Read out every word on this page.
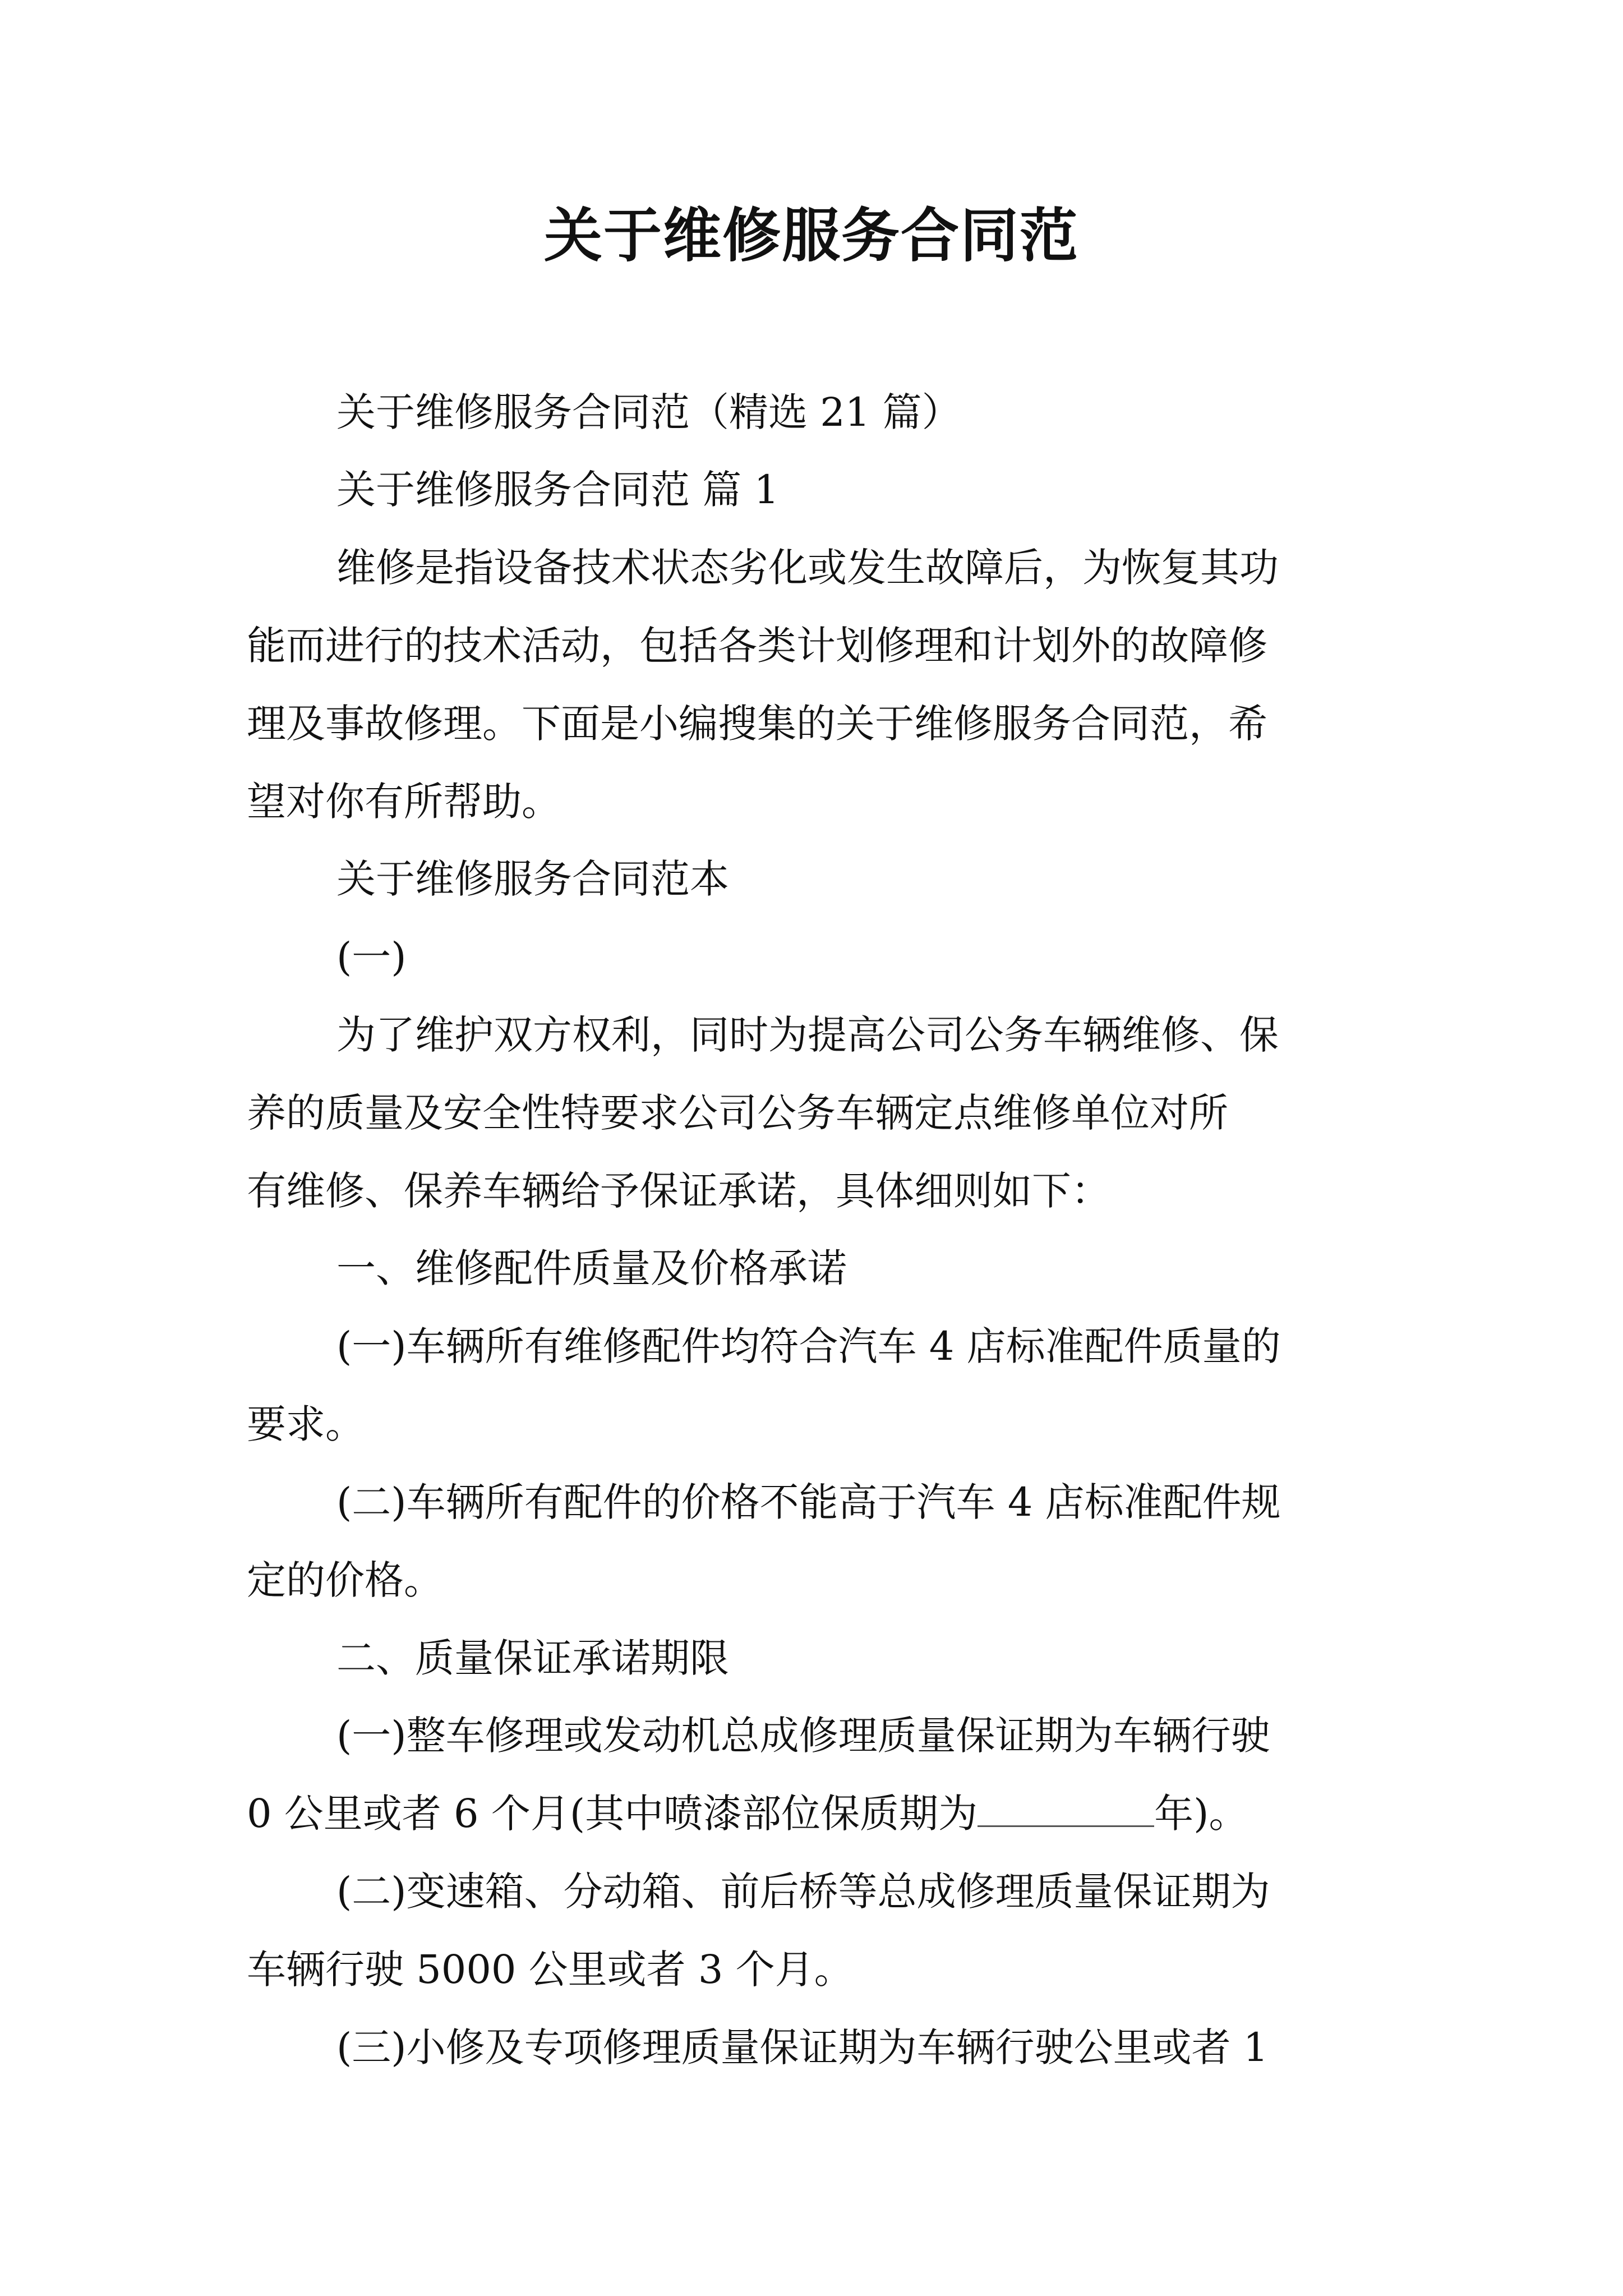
关于维修服务合同范

关于维修服务合同范（精选 21 篇）

关于维修服务合同范 篇 1

维修是指设备技术状态劣化或发生故障后，为恢复其功

能而进行的技术活动，包括各类计划修理和计划外的故障修

理及事故修理。下面是小编搜集的关于维修服务合同范，希

望对你有所帮助。

关于维修服务合同范本

(一)

为了维护双方权利，同时为提高公司公务车辆维修、保

养的质量及安全性特要求公司公务车辆定点维修单位对所

有维修、保养车辆给予保证承诺，具体细则如下：

一、维修配件质量及价格承诺

(一)车辆所有维修配件均符合汽车 4 店标准配件质量的

要求。

(二)车辆所有配件的价格不能高于汽车 4 店标准配件规

定的价格。

二、质量保证承诺期限

(一)整车修理或发动机总成修理质量保证期为车辆行驶

0 公里或者 6 个月(其中喷漆部位保质期为	年)。

(二)变速箱、分动箱、前后桥等总成修理质量保证期为

车辆行驶 5000 公里或者 3 个月。

(三)小修及专项修理质量保证期为车辆行驶公里或者 1
